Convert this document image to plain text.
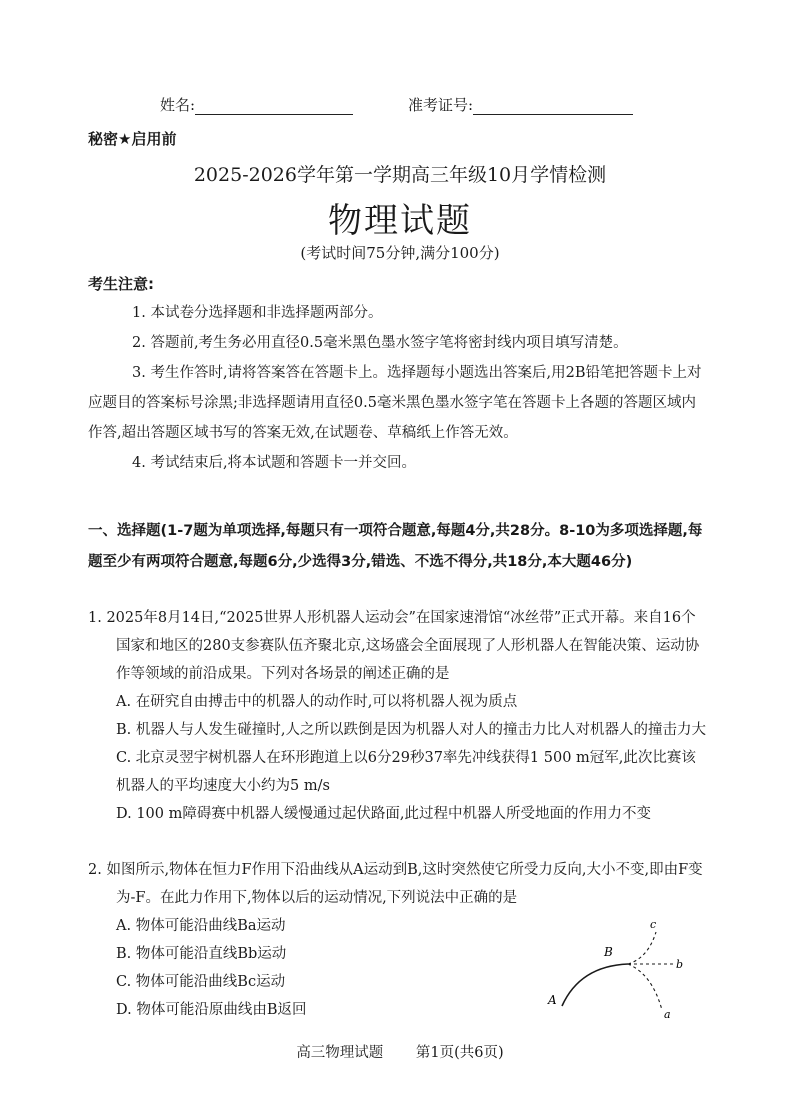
姓名:	准考证号:
秘密★启用前
2025-2026学年第一学期高三年级10月学情检测
物理试题
(考试时间75分钟,满分100分)
考生注意:

1. 本试卷分选择题和非选择题两部分。

2. 答题前,考生务必用直径0.5毫米黑色墨水签字笔将密封线内项目填写清楚。

3. 考生作答时,请将答案答在答题卡上。选择题每小题选出答案后,用2B铅笔把答题卡上对应题目的答案标号涂黑;非选择题请用直径0.5毫米黑色墨水签字笔在答题卡上各题的答题区域内作答,超出答题区域书写的答案无效,在试题卷、草稿纸上作答无效。

4. 考试结束后,将本试题和答题卡一并交回。

一、选择题(1-7题为单项选择,每题只有一项符合题意,每题4分,共28分。8-10为多项选择题,每题至少有两项符合题意,每题6分,少选得3分,错选、不选不得分,共18分,本大题46分)

1. 2025年8月14日,“2025世界人形机器人运动会”在国家速滑馆“冰丝带”正式开幕。来自16个国家和地区的280支参赛队伍齐聚北京,这场盛会全面展现了人形机器人在智能决策、运动协作等领域的前沿成果。下列对各场景的阐述正确的是

A. 在研究自由搏击中的机器人的动作时,可以将机器人视为质点

B. 机器人与人发生碰撞时,人之所以跌倒是因为机器人对人的撞击力比人对机器人的撞击力大

C. 北京灵翌宇树机器人在环形跑道上以6分29秒37率先冲线获得1 500 m冠军,此次比赛该机器人的平均速度大小约为5 m/s

D. 100 m障碍赛中机器人缓慢通过起伏路面,此过程中机器人所受地面的作用力不变

2. 如图所示,物体在恒力F作用下沿曲线从A运动到B,这时突然使它所受力反向,大小不变,即由F变为-F。在此力作用下,物体以后的运动情况,下列说法中正确的是

A. 物体可能沿曲线Ba运动

B. 物体可能沿直线Bb运动

C. 物体可能沿曲线Bc运动

D. 物体可能沿原曲线由B返回

A
B
c
b
a
高三物理试题 第1页(共6页)
